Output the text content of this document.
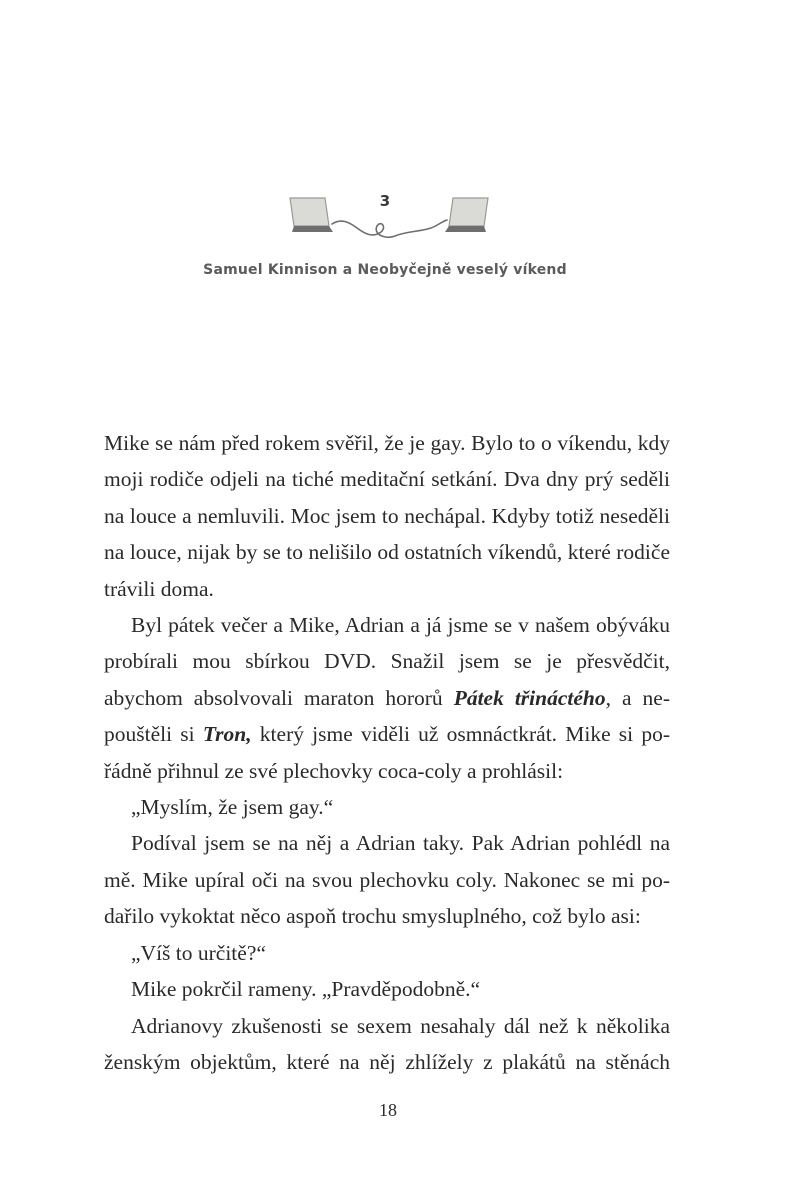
3
Samuel Kinnison a Neobyčejně veselý víkend

Mike se nám před rokem svěřil, že je gay. Bylo to o víkendu, kdy moji rodiče odjeli na tiché meditační setkání. Dva dny prý seděli na louce a nemluvili. Moc jsem to nechápal. Kdyby totiž neseděli na louce, nijak by se to nelišilo od ostatních víkendů, které rodiče trávili doma.

Byl pátek večer a Mike, Adrian a já jsme se v našem obýváku probírali mou sbírkou DVD. Snažil jsem se je přesvědčit, abychom absolvovali maraton hororů Pátek třináctého, a nepouštěli si Tron, který jsme viděli už osmnáctkrát. Mike si pořádně přihnul ze své plechovky coca-coly a prohlásil:

„Myslím, že jsem gay.“

Podíval jsem se na něj a Adrian taky. Pak Adrian pohlédl na mě. Mike upíral oči na svou plechovku coly. Nakonec se mi podařilo vykoktat něco aspoň trochu smysluplného, což bylo asi:

„Víš to určitě?“

Mike pokrčil rameny. „Pravděpodobně.“

Adrianovy zkušenosti se sexem nesahaly dál než k několika ženským objektům, které na něj zhlížely z plakátů na stěnách

18
